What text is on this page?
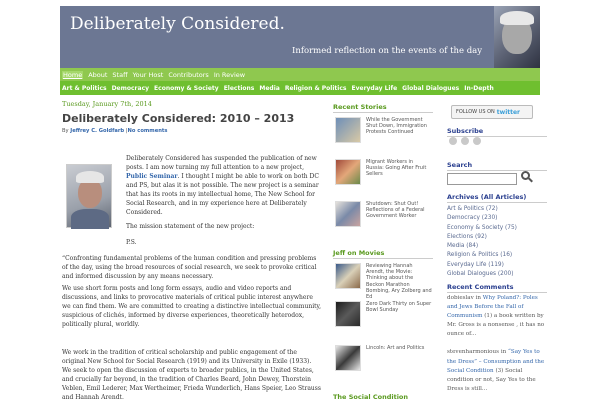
Deliberately Considered.
Informed reflection on the events of the day
Home About Staff Your Host Contributors In Review
Art & Politics Democracy Economy & Society Elections Media Religion & Politics Everyday Life Global Dialogues In-Depth
Tuesday, January 7th, 2014
Deliberately Considered: 2010 – 2013
By Jeffrey C. Goldfarb |No comments
Deliberately Considered has suspended the publication of new posts. I am now turning my full attention to a new project, Public Seminar. I thought I might be able to work on both DC and PS, but alas it is not possible. The new project is a seminar that has its roots in my intellectual home, The New School for Social Research, and in my experience here at Deliberately Considered.
The mission statement of the new project:
P.S.
“Confronting fundamental problems of the human condition and pressing problems of the day, using the broad resources of social research, we seek to provoke critical and informed discussion by any means necessary.
We use short form posts and long form essays, audio and video reports and discussions, and links to provocative materials of critical public interest anywhere we can find them. We are committed to creating a distinctive intellectual community, suspicious of clichés, informed by diverse experiences, theoretically heterodox, politically plural, worldly.
We work in the tradition of critical scholarship and public engagement of the original New School for Social Research (1919) and its University in Exile (1933). We seek to open the discussion of experts to broader publics, in the United States, and crucially far beyond, in the tradition of Charles Beard, John Dewey, Thorstein Veblen, Emil Lederer, Max Wertheimer, Frieda Wunderlich, Hans Speier, Leo Strauss and Hannah Arendt.
Recent Stories
While the Government Shut Down, Immigration Protests Continued
Migrant Workers in Russia: Going After Fruit Sellers
Shutdown: Shut Out! Reflections of a Federal Government Worker
Jeff on Movies
Reviewing Hannah Arendt, the Movie: Thinking about the Beckon Marathon Bombing, Ary Zolberg and Ed
Zero Dark Thirty on Super Bowl Sunday
Lincoln: Art and Politics
The Social Condition
FOLLOW US ON twitter
Subscribe
Search
Archives (All Articles)
Art & Politics (72)
Democracy (230)
Economy & Society (75)
Elections (92)
Media (84)
Religion & Politics (16)
Everyday Life (119)
Global Dialogues (200)
Recent Comments
dobieslav in Why Poland?: Poles and Jews Before the Fall of Communism (1) a book written by Mr. Gross is a nonsense , it has no ounce of...
stevenharmonious in “Say Yes to the Dress” – Consumption and the Social Condition (3) Social condition or not, Say Yes to the Dress is still...
